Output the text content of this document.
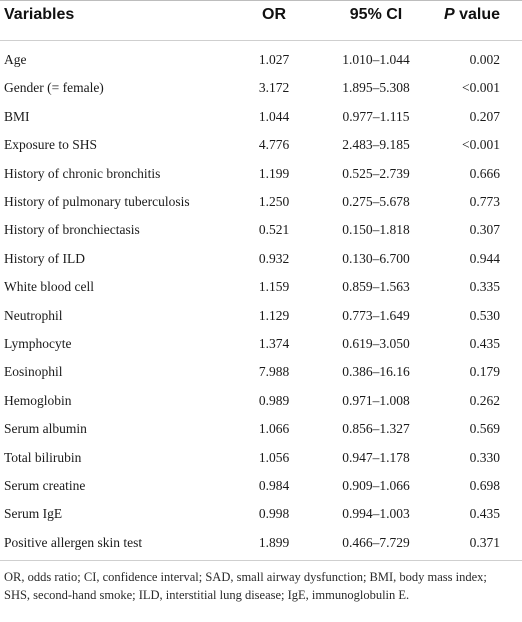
Variables	OR	95% CI	P value
Age	1.027	1.010–1.044	0.002
Gender (= female)	3.172	1.895–5.308	<0.001
BMI	1.044	0.977–1.115	0.207
Exposure to SHS	4.776	2.483–9.185	<0.001
History of chronic bronchitis	1.199	0.525–2.739	0.666
History of pulmonary tuberculosis	1.250	0.275–5.678	0.773
History of bronchiectasis	0.521	0.150–1.818	0.307
History of ILD	0.932	0.130–6.700	0.944
White blood cell	1.159	0.859–1.563	0.335
Neutrophil	1.129	0.773–1.649	0.530
Lymphocyte	1.374	0.619–3.050	0.435
Eosinophil	7.988	0.386–16.16	0.179
Hemoglobin	0.989	0.971–1.008	0.262
Serum albumin	1.066	0.856–1.327	0.569
Total bilirubin	1.056	0.947–1.178	0.330
Serum creatine	0.984	0.909–1.066	0.698
Serum IgE	0.998	0.994–1.003	0.435
Positive allergen skin test	1.899	0.466–7.729	0.371
OR, odds ratio; CI, confidence interval; SAD, small airway dysfunction; BMI, body mass index; SHS, second-hand smoke; ILD, interstitial lung disease; IgE, immunoglobulin E.
